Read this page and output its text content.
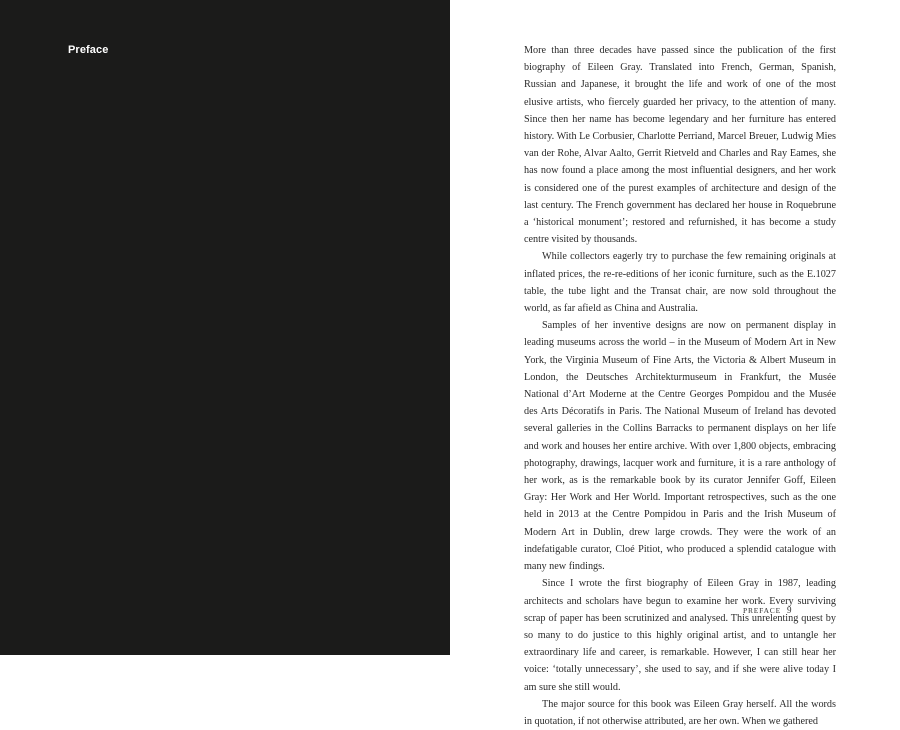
Preface	More than three decades have passed since the publication of the first biography of Eileen Gray. Translated into French, German, Spanish, Russian and Japanese, it brought the life and work of one of the most elusive artists, who fiercely guarded her privacy, to the attention of many. Since then her name has become legendary and her furniture has entered history. With Le Corbusier, Charlotte Perriand, Marcel Breuer, Ludwig Mies van der Rohe, Alvar Aalto, Gerrit Rietveld and Charles and Ray Eames, she has now found a place among the most influential designers, and her work is considered one of the purest examples of architecture and design of the last century. The French government has declared her house in Roquebrune a ‘historical monument’; restored and refurnished, it has become a study centre visited by thousands.

While collectors eagerly try to purchase the few remaining originals at inflated prices, the re-re-editions of her iconic furniture, such as the E.1027 table, the tube light and the Transat chair, are now sold throughout the world, as far afield as China and Australia.

Samples of her inventive designs are now on permanent display in leading museums across the world – in the Museum of Modern Art in New York, the Virginia Museum of Fine Arts, the Victoria & Albert Museum in London, the Deutsches Architekturmuseum in Frankfurt, the Musée National d’Art Moderne at the Centre Georges Pompidou and the Musée des Arts Décoratifs in Paris. The National Museum of Ireland has devoted several galleries in the Collins Barracks to permanent displays on her life and work and houses her entire archive. With over 1,800 objects, embracing photography, drawings, lacquer work and furniture, it is a rare anthology of her work, as is the remarkable book by its curator Jennifer Goff, Eileen Gray: Her Work and Her World. Important retrospectives, such as the one held in 2013 at the Centre Pompidou in Paris and the Irish Museum of Modern Art in Dublin, drew large crowds. They were the work of an indefatigable curator, Cloé Pitiot, who produced a splendid catalogue with many new findings.

Since I wrote the first biography of Eileen Gray in 1987, leading architects and scholars have begun to examine her work. Every surviving scrap of paper has been scrutinized and analysed. This unrelenting quest by so many to do justice to this highly original artist, and to untangle her extraordinary life and career, is remarkable. However, I can still hear her voice: ‘totally unnecessary’, she used to say, and if she were alive today I am sure she still would.

The major source for this book was Eileen Gray herself. All the words in quotation, if not otherwise attributed, are her own. When we gathered

PREFACE 9
